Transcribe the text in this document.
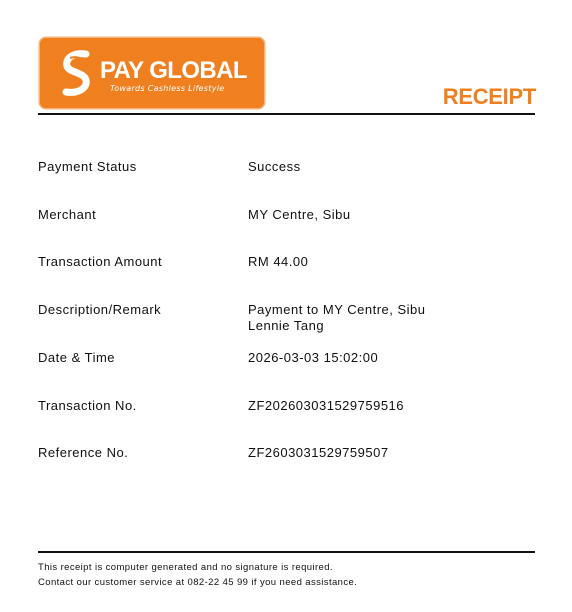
PAY GLOBAL
Towards Cashless Lifestyle	RECEIPT
Payment Status	Success
Merchant	MY Centre, Sibu
Transaction Amount	RM 44.00
Description/Remark	Payment to MY Centre, Sibu
Lennie Tang
Date & Time	2026-03-03 15:02:00
Transaction No.	ZF202603031529759516
Reference No.	ZF2603031529759507
This receipt is computer generated and no signature is required.
Contact our customer service at 082-22 45 99 if you need assistance.
